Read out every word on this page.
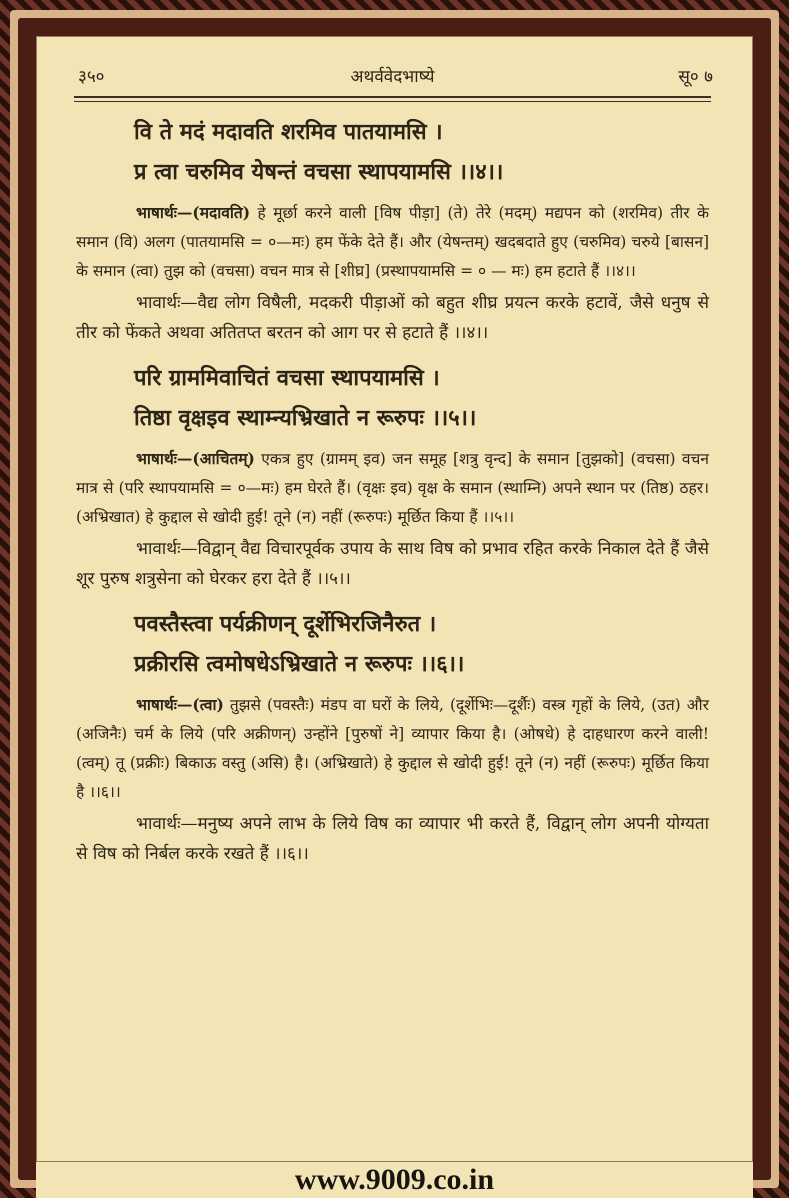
३५०	अथर्ववेदभाष्ये	सू० ७
वि ते मदं मदावति शरमिव पातयामसि ।
प्र त्वा चरुमिव येषन्तं वचसा स्थापयामसि ।।४।।

भाषार्थः—(मदावति) हे मूर्छा करने वाली [विष पीड़ा] (ते) तेरे (मदम्) मद्यपन को (शरमिव) तीर के समान (वि) अलग (पातयामसि = ०—मः) हम फेंके देते हैं। और (येषन्तम्) खदबदाते हुए (चरुमिव) चरुये [बासन] के समान (त्वा) तुझ को (वचसा) वचन मात्र से [शीघ्र] (प्रस्थापयामसि = ० — मः) हम हटाते हैं ।।४।।

भावार्थः—वैद्य लोग विषैली, मदकरी पीड़ाओं को बहुत शीघ्र प्रयत्न करके हटावें, जैसे धनुष से तीर को फेंकते अथवा अतितप्त बरतन को आग पर से हटाते हैं ।।४।।

परि ग्राममिवाचितं वचसा स्थापयामसि ।
तिष्ठा वृक्षइव स्थाम्न्यभ्रिखाते न रूरुपः ।।५।।

भाषार्थः—(आचितम्) एकत्र हुए (ग्रामम् इव) जन समूह [शत्रु वृन्द] के समान [तुझको] (वचसा) वचन मात्र से (परि स्थापयामसि = ०—मः) हम घेरते हैं। (वृक्षः इव) वृक्ष के समान (स्थाम्नि) अपने स्थान पर (तिष्ठ) ठहर। (अभ्रिखात) हे कुद्दाल से खोदी हुई! तूने (न) नहीं (रूरुपः) मूर्छित किया हैं ।।५।।

भावार्थः—विद्वान् वैद्य विचारपूर्वक उपाय के साथ विष को प्रभाव रहित करके निकाल देते हैं जैसे शूर पुरुष शत्रुसेना को घेरकर हरा देते हैं ।।५।।

पवस्तैस्त्वा पर्यक्रीणन् दूर्शेभिरजिनैरुत ।
प्रक्रीरसि त्वमोषधेऽभ्रिखाते न रूरुपः ।।६।।

भाषार्थः—(त्वा) तुझसे (पवस्तैः) मंडप वा घरों के लिये, (दूर्शेभिः—दूर्शैः) वस्त्र गृहों के लिये, (उत) और (अजिनैः) चर्म के लिये (परि अक्रीणन्) उन्होंने [पुरुषों ने] व्यापार किया है। (ओषधे) हे दाहधारण करने वाली! (त्वम्) तू (प्रक्रीः) बिकाऊ वस्तु (असि) है। (अभ्रिखाते) हे कुद्दाल से खोदी हुई! तूने (न) नहीं (रूरुपः) मूर्छित किया है ।।६।।

भावार्थः—मनुष्य अपने लाभ के लिये विष का व्यापार भी करते हैं, विद्वान् लोग अपनी योग्यता से विष को निर्बल करके रखते हैं ।।६।।

www.9009.co.in
